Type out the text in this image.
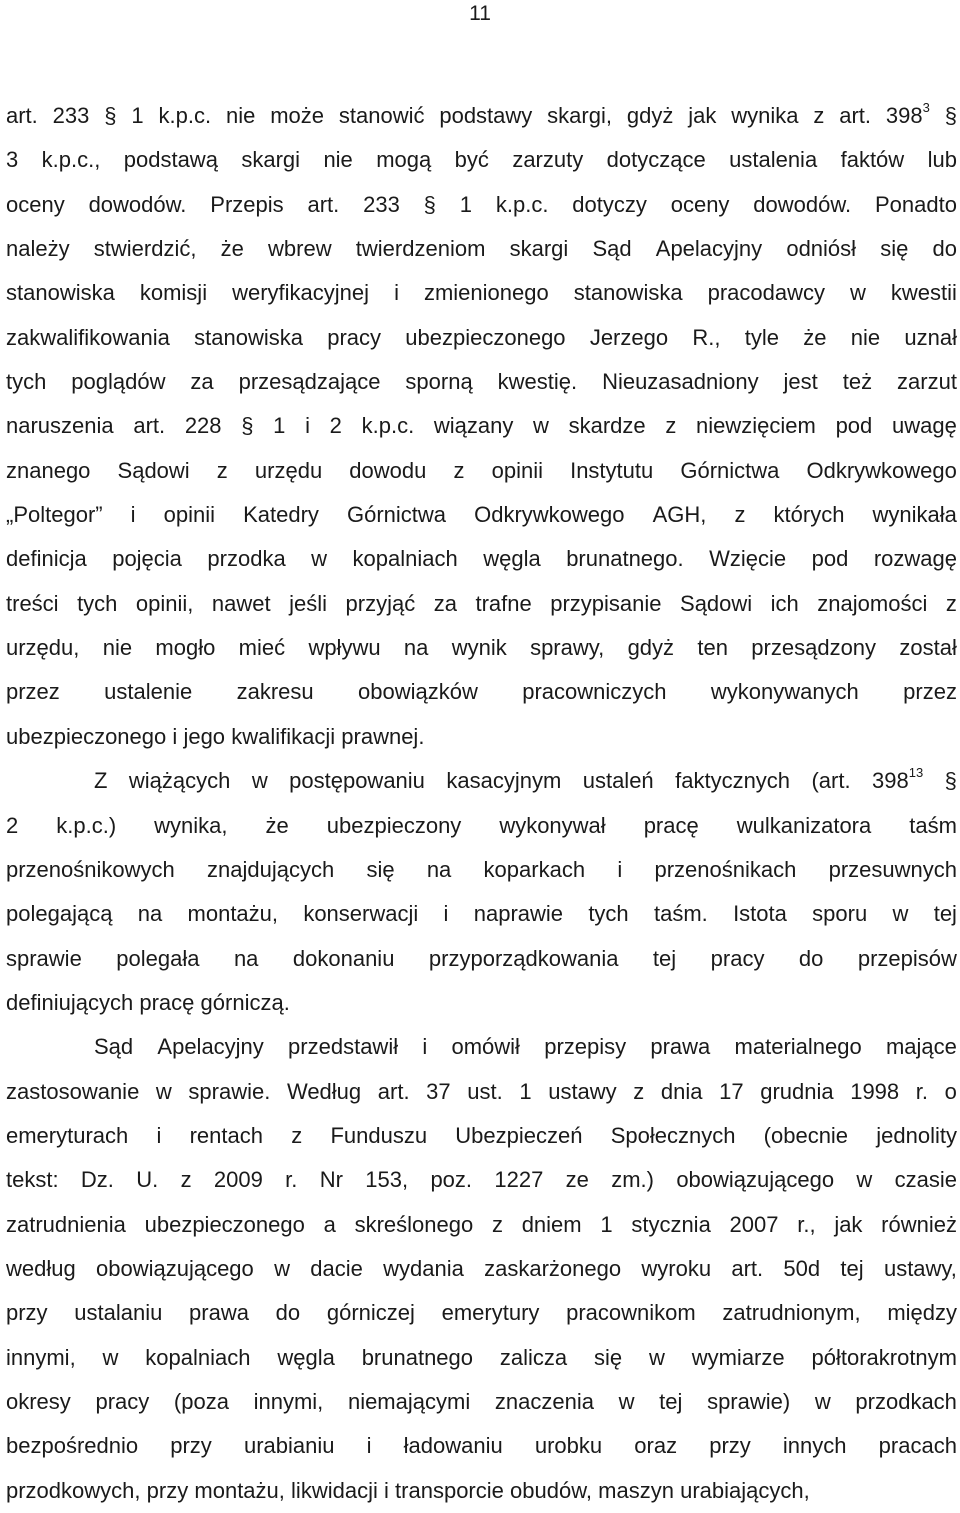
11
art. 233 § 1 k.p.c. nie może stanowić podstawy skargi, gdyż jak wynika z art. $398^3$ §
3 k.p.c., podstawą skargi nie mogą być zarzuty dotyczące ustalenia faktów lub
oceny dowodów. Przepis art. 233 § 1 k.p.c. dotyczy oceny dowodów. Ponadto
należy stwierdzić, że wbrew twierdzeniom skargi Sąd Apelacyjny odniósł się do
stanowiska komisji weryfikacyjnej i zmienionego stanowiska pracodawcy w kwestii
zakwalifikowania stanowiska pracy ubezpieczonego Jerzego R., tyle że nie uznał
tych poglądów za przesądzające sporną kwestię. Nieuzasadniony jest też zarzut
naruszenia art. 228 § 1 i 2 k.p.c. wiązany w skardze z niewzięciem pod uwagę
znanego Sądowi z urzędu dowodu z opinii Instytutu Górnictwa Odkrywkowego
„Poltegor” i opinii Katedry Górnictwa Odkrywkowego AGH, z których wynikała
definicja pojęcia przodka w kopalniach węgla brunatnego. Wzięcie pod rozwagę
treści tych opinii, nawet jeśli przyjąć za trafne przypisanie Sądowi ich znajomości z
urzędu, nie mogło mieć wpływu na wynik sprawy, gdyż ten przesądzony został
przez ustalenie zakresu obowiązków pracowniczych wykonywanych przez
ubezpieczonego i jego kwalifikacji prawnej.
Z wiążących w postępowaniu kasacyjnym ustaleń faktycznych (art. $398^{13}$ §
2 k.p.c.) wynika, że ubezpieczony wykonywał pracę wulkanizatora taśm
przenośnikowych znajdujących się na koparkach i przenośnikach przesuwnych
polegającą na montażu, konserwacji i naprawie tych taśm. Istota sporu w tej
sprawie polegała na dokonaniu przyporządkowania tej pracy do przepisów
definiujących pracę górniczą.
Sąd Apelacyjny przedstawił i omówił przepisy prawa materialnego mające
zastosowanie w sprawie. Według art. 37 ust. 1 ustawy z dnia 17 grudnia 1998 r. o
emeryturach i rentach z Funduszu Ubezpieczeń Społecznych (obecnie jednolity
tekst: Dz. U. z 2009 r. Nr 153, poz. 1227 ze zm.) obowiązującego w czasie
zatrudnienia ubezpieczonego a skreślonego z dniem 1 stycznia 2007 r., jak również
według obowiązującego w dacie wydania zaskarżonego wyroku art. 50d tej ustawy,
przy ustalaniu prawa do górniczej emerytury pracownikom zatrudnionym, między
innymi, w kopalniach węgla brunatnego zalicza się w wymiarze półtorakrotnym
okresy pracy (poza innymi, niemającymi znaczenia w tej sprawie) w przodkach
bezpośrednio przy urabianiu i ładowaniu urobku oraz przy innych pracach
przodkowych, przy montażu, likwidacji i transporcie obudów, maszyn urabiających,
